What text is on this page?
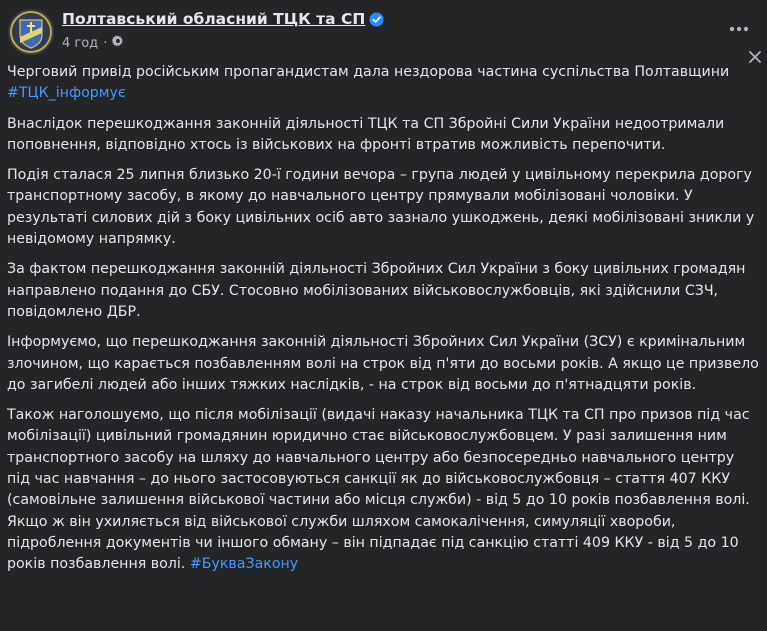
Полтавський обласний ТЦК та СП
4 год ·

Черговий привід російським пропагандистам дала нездорова частина суспільства Полтавщини
#ТЦК_інформує

Внаслідок перешкоджання законній діяльності ТЦК та СП Збройні Сили України недоотримали поповнення, відповідно хтось із військових на фронті втратив можливість перепочити.

Подія сталася 25 липня близько 20-ї години вечора – група людей у цивільному перекрила дорогу транспортному засобу, в якому до навчального центру прямували мобілізовані чоловіки. У результаті силових дій з боку цивільних осіб авто зазнало ушкоджень, деякі мобілізовані зникли у невідомому напрямку.

За фактом перешкоджання законній діяльності Збройних Сил України з боку цивільних громадян направлено подання до СБУ. Стосовно мобілізованих військовослужбовців, які здійснили СЗЧ, повідомлено ДБР.

Інформуємо, що перешкоджання законній діяльності Збройних Сил України (ЗСУ) є кримінальним злочином, що карається позбавленням волі на строк від п'яти до восьми років. А якщо це призвело до загибелі людей або інших тяжких наслідків, - на строк від восьми до п'ятнадцяти років.

Також наголошуємо, що після мобілізації (видачі наказу начальника ТЦК та СП про призов під час мобілізації) цивільний громадянин юридично стає військовослужбовцем. У разі залишення ним транспортного засобу на шляху до навчального центру або безпосередньо навчального центру під час навчання – до нього застосовуються санкції як до військовослужбовця – стаття 407 ККУ (самовільне залишення військової частини або місця служби) - від 5 до 10 років позбавлення волі. Якщо ж він ухиляється від військової служби шляхом самокалічення, симуляції хвороби, підроблення документів чи іншого обману – він підпадає під санкцію статті 409 ККУ - від 5 до 10 років позбавлення волі. #БукваЗакону
